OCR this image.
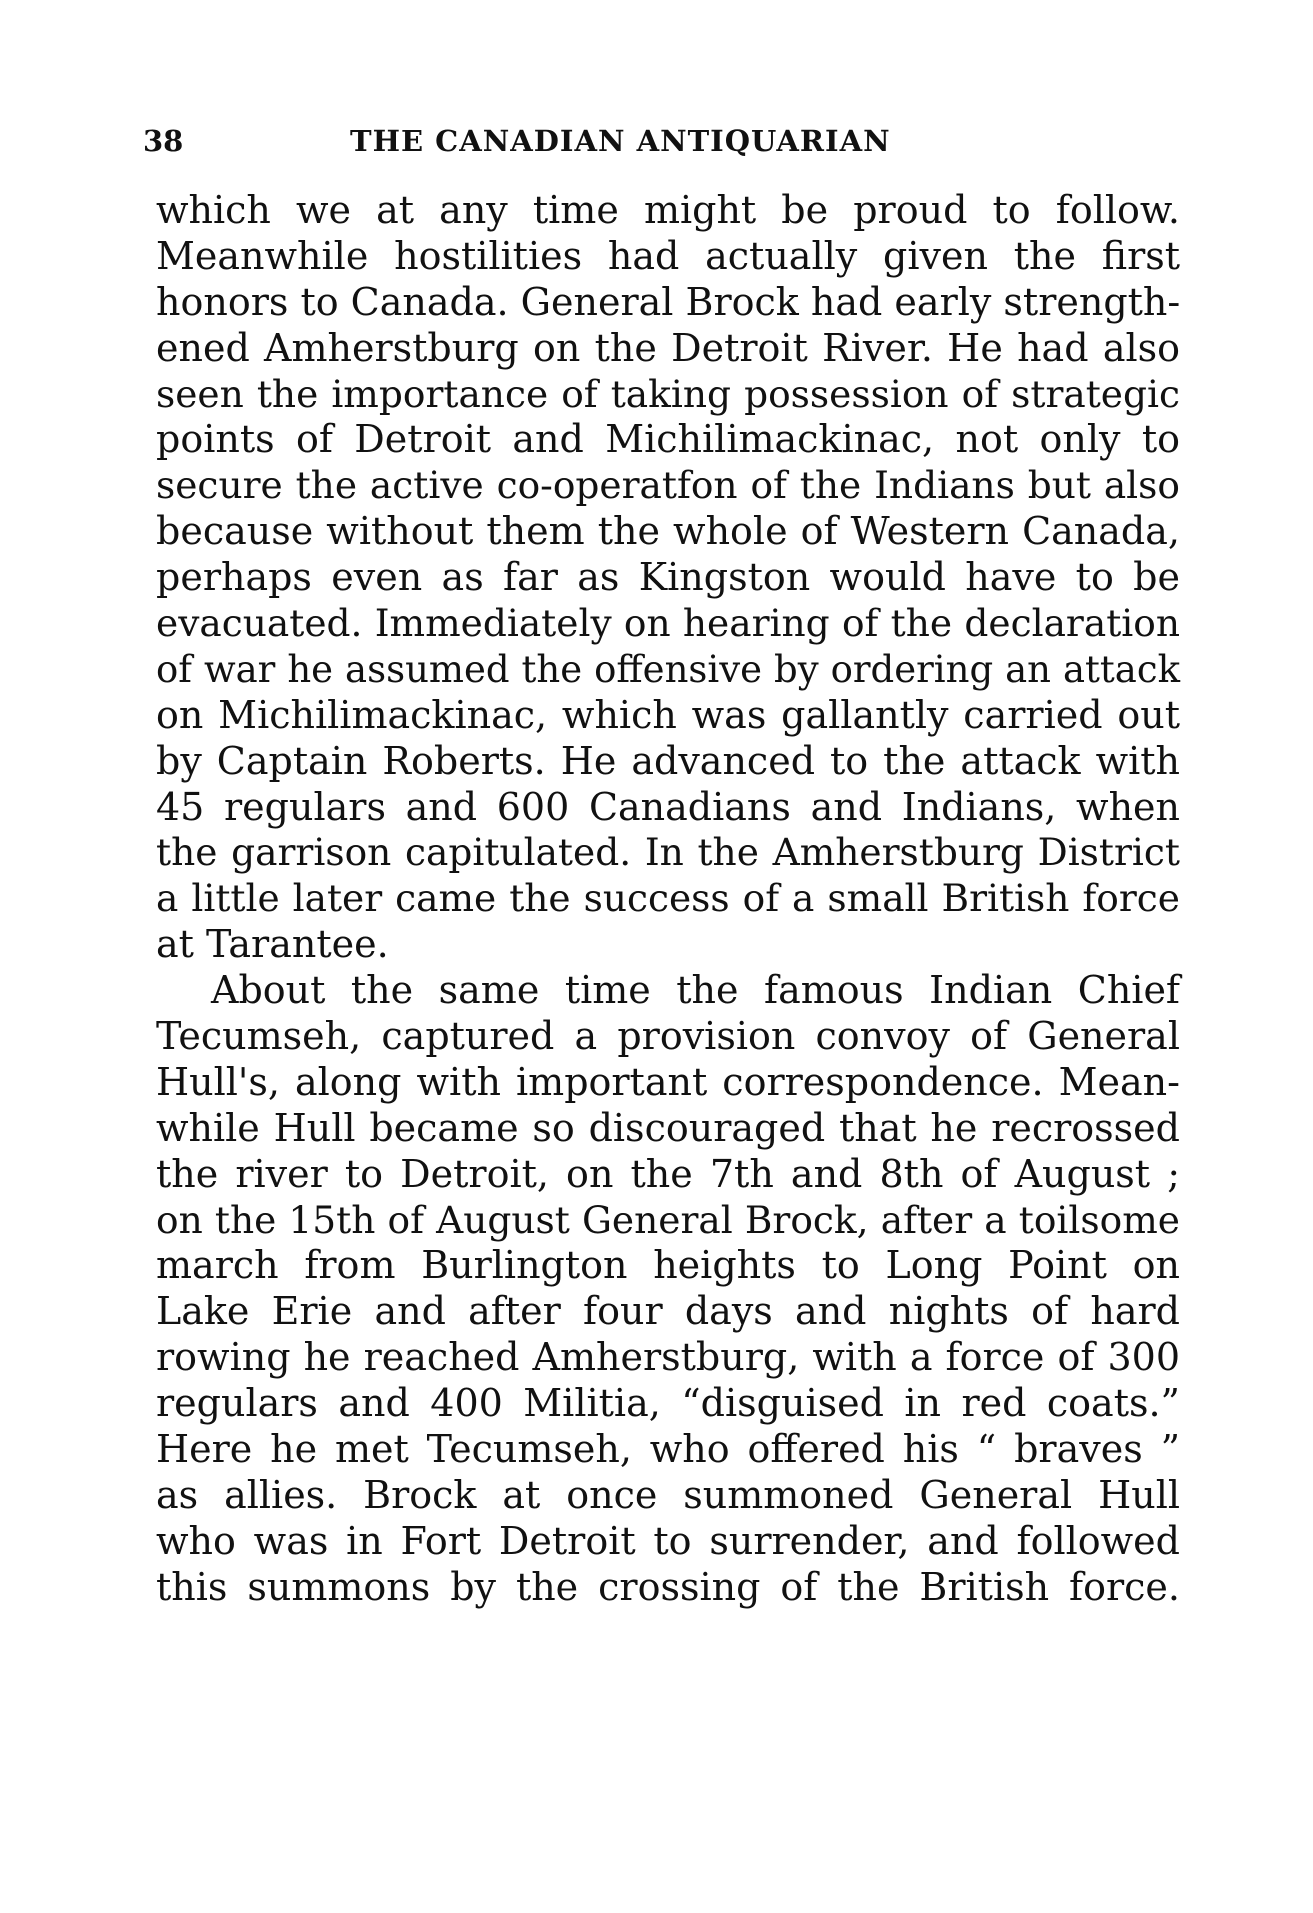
38	THE CANADIAN ANTIQUARIAN
which we at any time might be proud to follow.
Meanwhile hostilities had actually given the first
honors to Canada. General Brock had early strength-
ened Amherstburg on the Detroit River. He had also
seen the importance of taking possession of strategic
points of Detroit and Michilimackinac, not only to
secure the active co-operatfon of the Indians but also
because without them the whole of Western Canada,
perhaps even as far as Kingston would have to be
evacuated. Immediately on hearing of the declaration
of war he assumed the offensive by ordering an attack
on Michilimackinac, which was gallantly carried out
by Captain Roberts. He advanced to the attack with
45 regulars and 600 Canadians and Indians, when
the garrison capitulated. In the Amherstburg District
a little later came the success of a small British force
at Tarantee.
About the same time the famous Indian Chief
Tecumseh, captured a provision convoy of General
Hull's, along with important correspondence. Mean-
while Hull became so discouraged that he recrossed
the river to Detroit, on the 7th and 8th of August ;
on the 15th of August General Brock, after a toilsome
march from Burlington heights to Long Point on
Lake Erie and after four days and nights of hard
rowing he reached Amherstburg, with a force of 300
regulars and 400 Militia, “disguised in red coats.”
Here he met Tecumseh, who offered his “ braves ”
as allies. Brock at once summoned General Hull
who was in Fort Detroit to surrender, and followed
this summons by the crossing of the British force.
